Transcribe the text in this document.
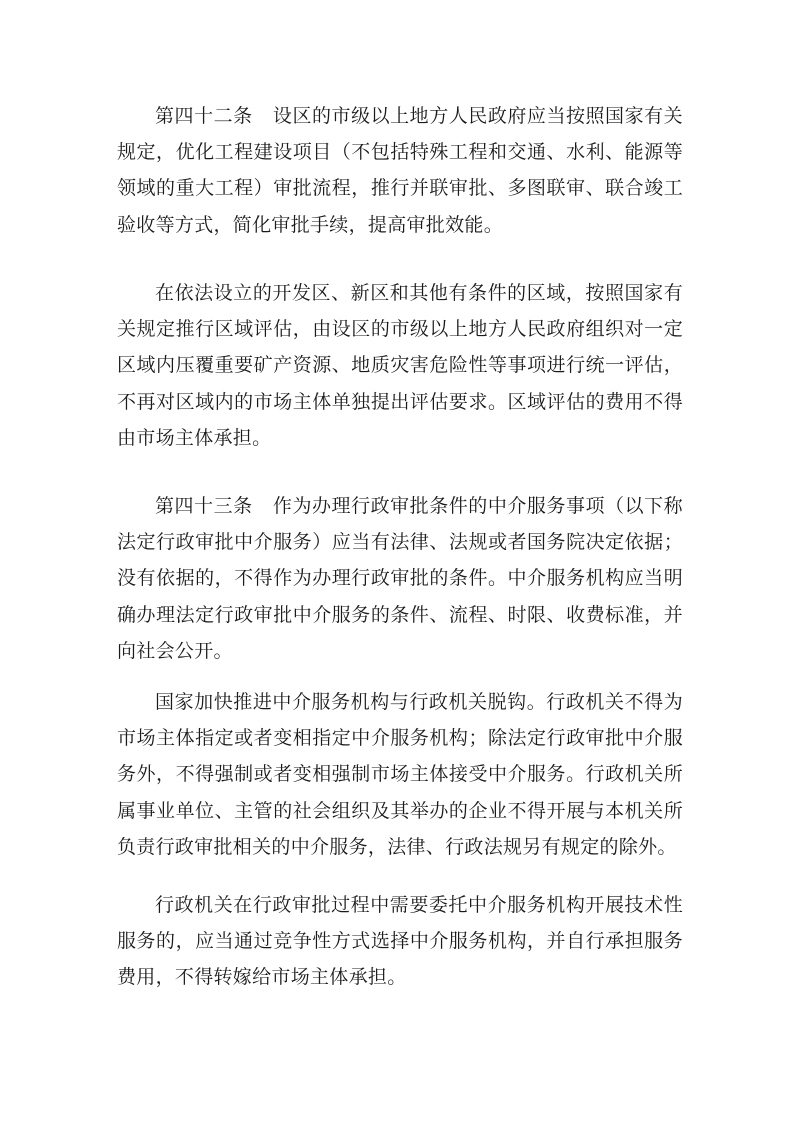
第四十二条 设区的市级以上地方人民政府应当按照国家有关规定，优化工程建设项目（不包括特殊工程和交通、水利、能源等领域的重大工程）审批流程，推行并联审批、多图联审、联合竣工验收等方式，简化审批手续，提高审批效能。

在依法设立的开发区、新区和其他有条件的区域，按照国家有关规定推行区域评估，由设区的市级以上地方人民政府组织对一定区域内压覆重要矿产资源、地质灾害危险性等事项进行统一评估，不再对区域内的市场主体单独提出评估要求。区域评估的费用不得由市场主体承担。

第四十三条 作为办理行政审批条件的中介服务事项（以下称法定行政审批中介服务）应当有法律、法规或者国务院决定依据；没有依据的，不得作为办理行政审批的条件。中介服务机构应当明确办理法定行政审批中介服务的条件、流程、时限、收费标准，并向社会公开。

国家加快推进中介服务机构与行政机关脱钩。行政机关不得为市场主体指定或者变相指定中介服务机构；除法定行政审批中介服务外，不得强制或者变相强制市场主体接受中介服务。行政机关所属事业单位、主管的社会组织及其举办的企业不得开展与本机关所负责行政审批相关的中介服务，法律、行政法规另有规定的除外。

行政机关在行政审批过程中需要委托中介服务机构开展技术性服务的，应当通过竞争性方式选择中介服务机构，并自行承担服务费用，不得转嫁给市场主体承担。
